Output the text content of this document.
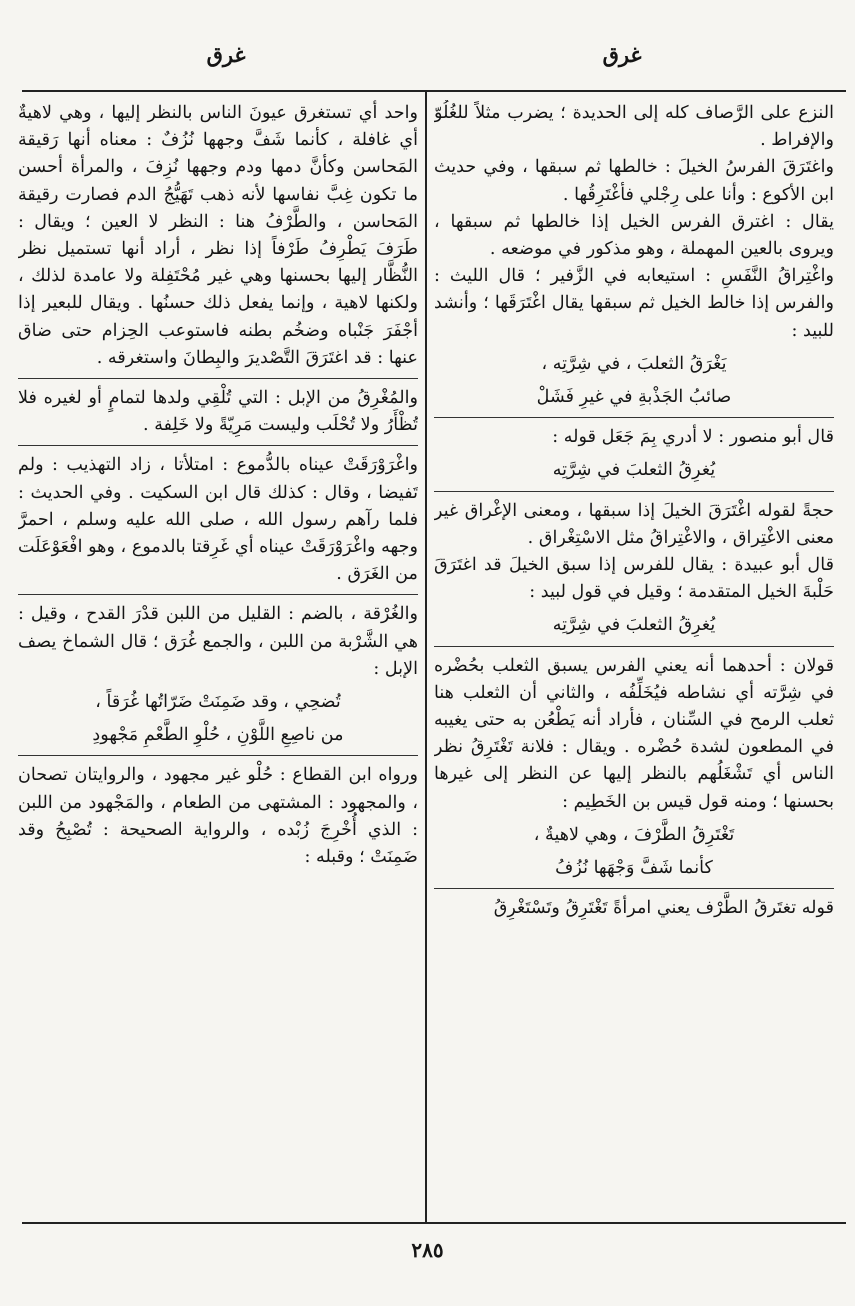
غرق
غرق

النزع على الرَّصاف كله إلى الحديدة ؛ يضرب مثلاً للغُلُوّ والإفراط .

واغتَرَقَ الفرسُ الخيلَ : خالطها ثم سبقها ، وفي حديث ابن الأكوع : وأنا على رِجْلي فأغْتَرِقُها .

يقال : اغترق الفرس الخيل إذا خالطها ثم سبقها ، ويروى بالعين المهملة ، وهو مذكور في موضعه .

واغْتِراقُ النَّفَسِ : استيعابه في الزَّفير ؛ قال الليث : والفرس إذا خالط الخيل ثم سبقها يقال اغْتَرَقَها ؛ وأنشد للبيد :

يَغْرَقُ الثعلبَ ، في شِرَّتِه ،

صائبُ الجَذْبةِ في غيرِ فَشَلْ

قال أبو منصور : لا أدري بِمَ جَعَل قوله :

يُغرِقُ الثعلبَ في شِرَّتِه

حجةً لقوله اغْتَرَقَ الخيلَ إذا سبقها ، ومعنى الإغْراق غير معنى الاغْتِراق ، والاغْتِراقُ مثل الاسْتِغْراق .

قال أبو عبيدة : يقال للفرس إذا سبق الخيلَ قد اغتَرَقَ حَلْبةَ الخيل المتقدمة ؛ وقيل في قول لبيد :

يُغرِقُ الثعلبَ في شِرَّتِه

قولان : أحدهما أنه يعني الفرس يسبق الثعلب بحُضْره في شِرَّته أي نشاطه فيُخَلِّفُه ، والثاني أن الثعلب هنا ثعلب الرمح في السِّنان ، فأراد أنه يَطْعُن به حتى يغيبه في المطعون لشدة حُضْره . ويقال : فلانة تَغْتَرِقُ نظر الناس أي تَشْغَلُهم بالنظر إليها عن النظر إلى غيرها بحسنها ؛ ومنه قول قيس بن الخَطِيم :

تَغْتَرِقُ الطَّرْفَ ، وهي لاهيةٌ ،

كأنما شَفَّ وَجْهَها نُزُفُ

قوله تغتَرقُ الطَّرْف يعني امرأةً تَغْتَرِقُ وتَسْتَغْرِقُ

واحد أي تستغرق عيونَ الناس بالنظر إليها ، وهي لاهيةٌ أي غافلة ، كأنما شَفَّ وجهها نُزُفٌ : معناه أنها رَقيقة المَحاسن وكأنَّ دمها ودم وجهها نُزِفَ ، والمرأة أحسن ما تكون غِبَّ نفاسها لأنه ذهب تَهَيُّجُ الدم فصارت رقيقة المَحاسن ، والطَّرْفُ هنا : النظر لا العين ؛ ويقال : طَرَفَ يَطْرِفُ طَرْفاً إذا نظر ، أراد أنها تستميل نظر النُّظَّار إليها بحسنها وهي غير مُحْتَفِلة ولا عامدة لذلك ، ولكنها لاهية ، وإنما يفعل ذلك حسنُها . ويقال للبعير إذا أجْفَرَ جَنْباه وضخُم بطنه فاستوعب الحِزام حتى ضاق عنها : قد اغتَرَقَ التَّصْديرَ والبِطانَ واستغرقه .

والمُغْرِقُ من الإبل : التي تُلْقِي ولدها لتمامٍ أو لغيره فلا تُظْأَرُ ولا تُحْلَب وليست مَرِيّةً ولا خَلِفة .

واغْرَوْرَقَتْ عيناه بالدُّموع : امتلأتا ، زاد التهذيب : ولم تَفيضا ، وقال : كذلك قال ابن السكيت . وفي الحديث : فلما رآهم رسول الله ، صلى الله عليه وسلم ، احمرَّ وجهه واغْرَوْرَقَتْ عيناه أي غَرِقتا بالدموع ، وهو افْعَوْعَلَت من الغَرَق .

والغُرْقة ، بالضم : القليل من اللبن قدْرَ القدح ، وقيل : هي الشَّرْبة من اللبن ، والجمع غُرَق ؛ قال الشماخ يصف الإبل :

تُضحِي ، وقد ضَمِنَتْ ضَرّاتُها غُرَقاً ،

من ناصِعِ اللَّوْنِ ، حُلْوِ الطَّعْمِ مَجْهودِ

ورواه ابن القطاع : حُلْو غير مجهود ، والروايتان تصحان ، والمجهود : المشتهى من الطعام ، والمَجْهود من اللبن : الذي أُخْرِجَ زُبْده ، والرواية الصحيحة : تُصْبِحُ وقد ضَمِنَتْ ؛ وقبله :

٢٨٥
